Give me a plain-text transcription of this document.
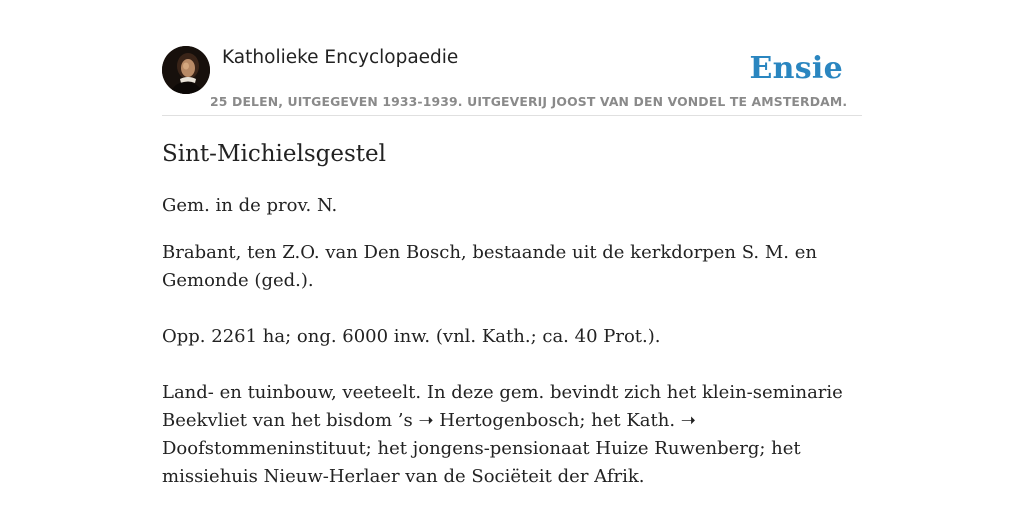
Katholieke Encyclopaedie	Ensie
25 DELEN, UITGEGEVEN 1933-1939. UITGEVERIJ JOOST VAN DEN VONDEL TE AMSTERDAM.
Sint-Michielsgestel

Gem. in de prov. N.

Brabant, ten Z.O. van Den Bosch, bestaande uit de kerkdorpen S. M. en Gemonde (ged.).

Opp. 2261 ha; ong. 6000 inw. (vnl. Kath.; ca. 40 Prot.).

Land- en tuinbouw, veeteelt. In deze gem. bevindt zich het klein-seminarie Beekvliet van het bisdom ’s ➝ Hertogenbosch; het Kath. ➝ Doofstommeninstituut; het jongens-pensionaat Huize Ruwenberg; het missiehuis Nieuw-Herlaer van de Sociëteit der Afrik.
